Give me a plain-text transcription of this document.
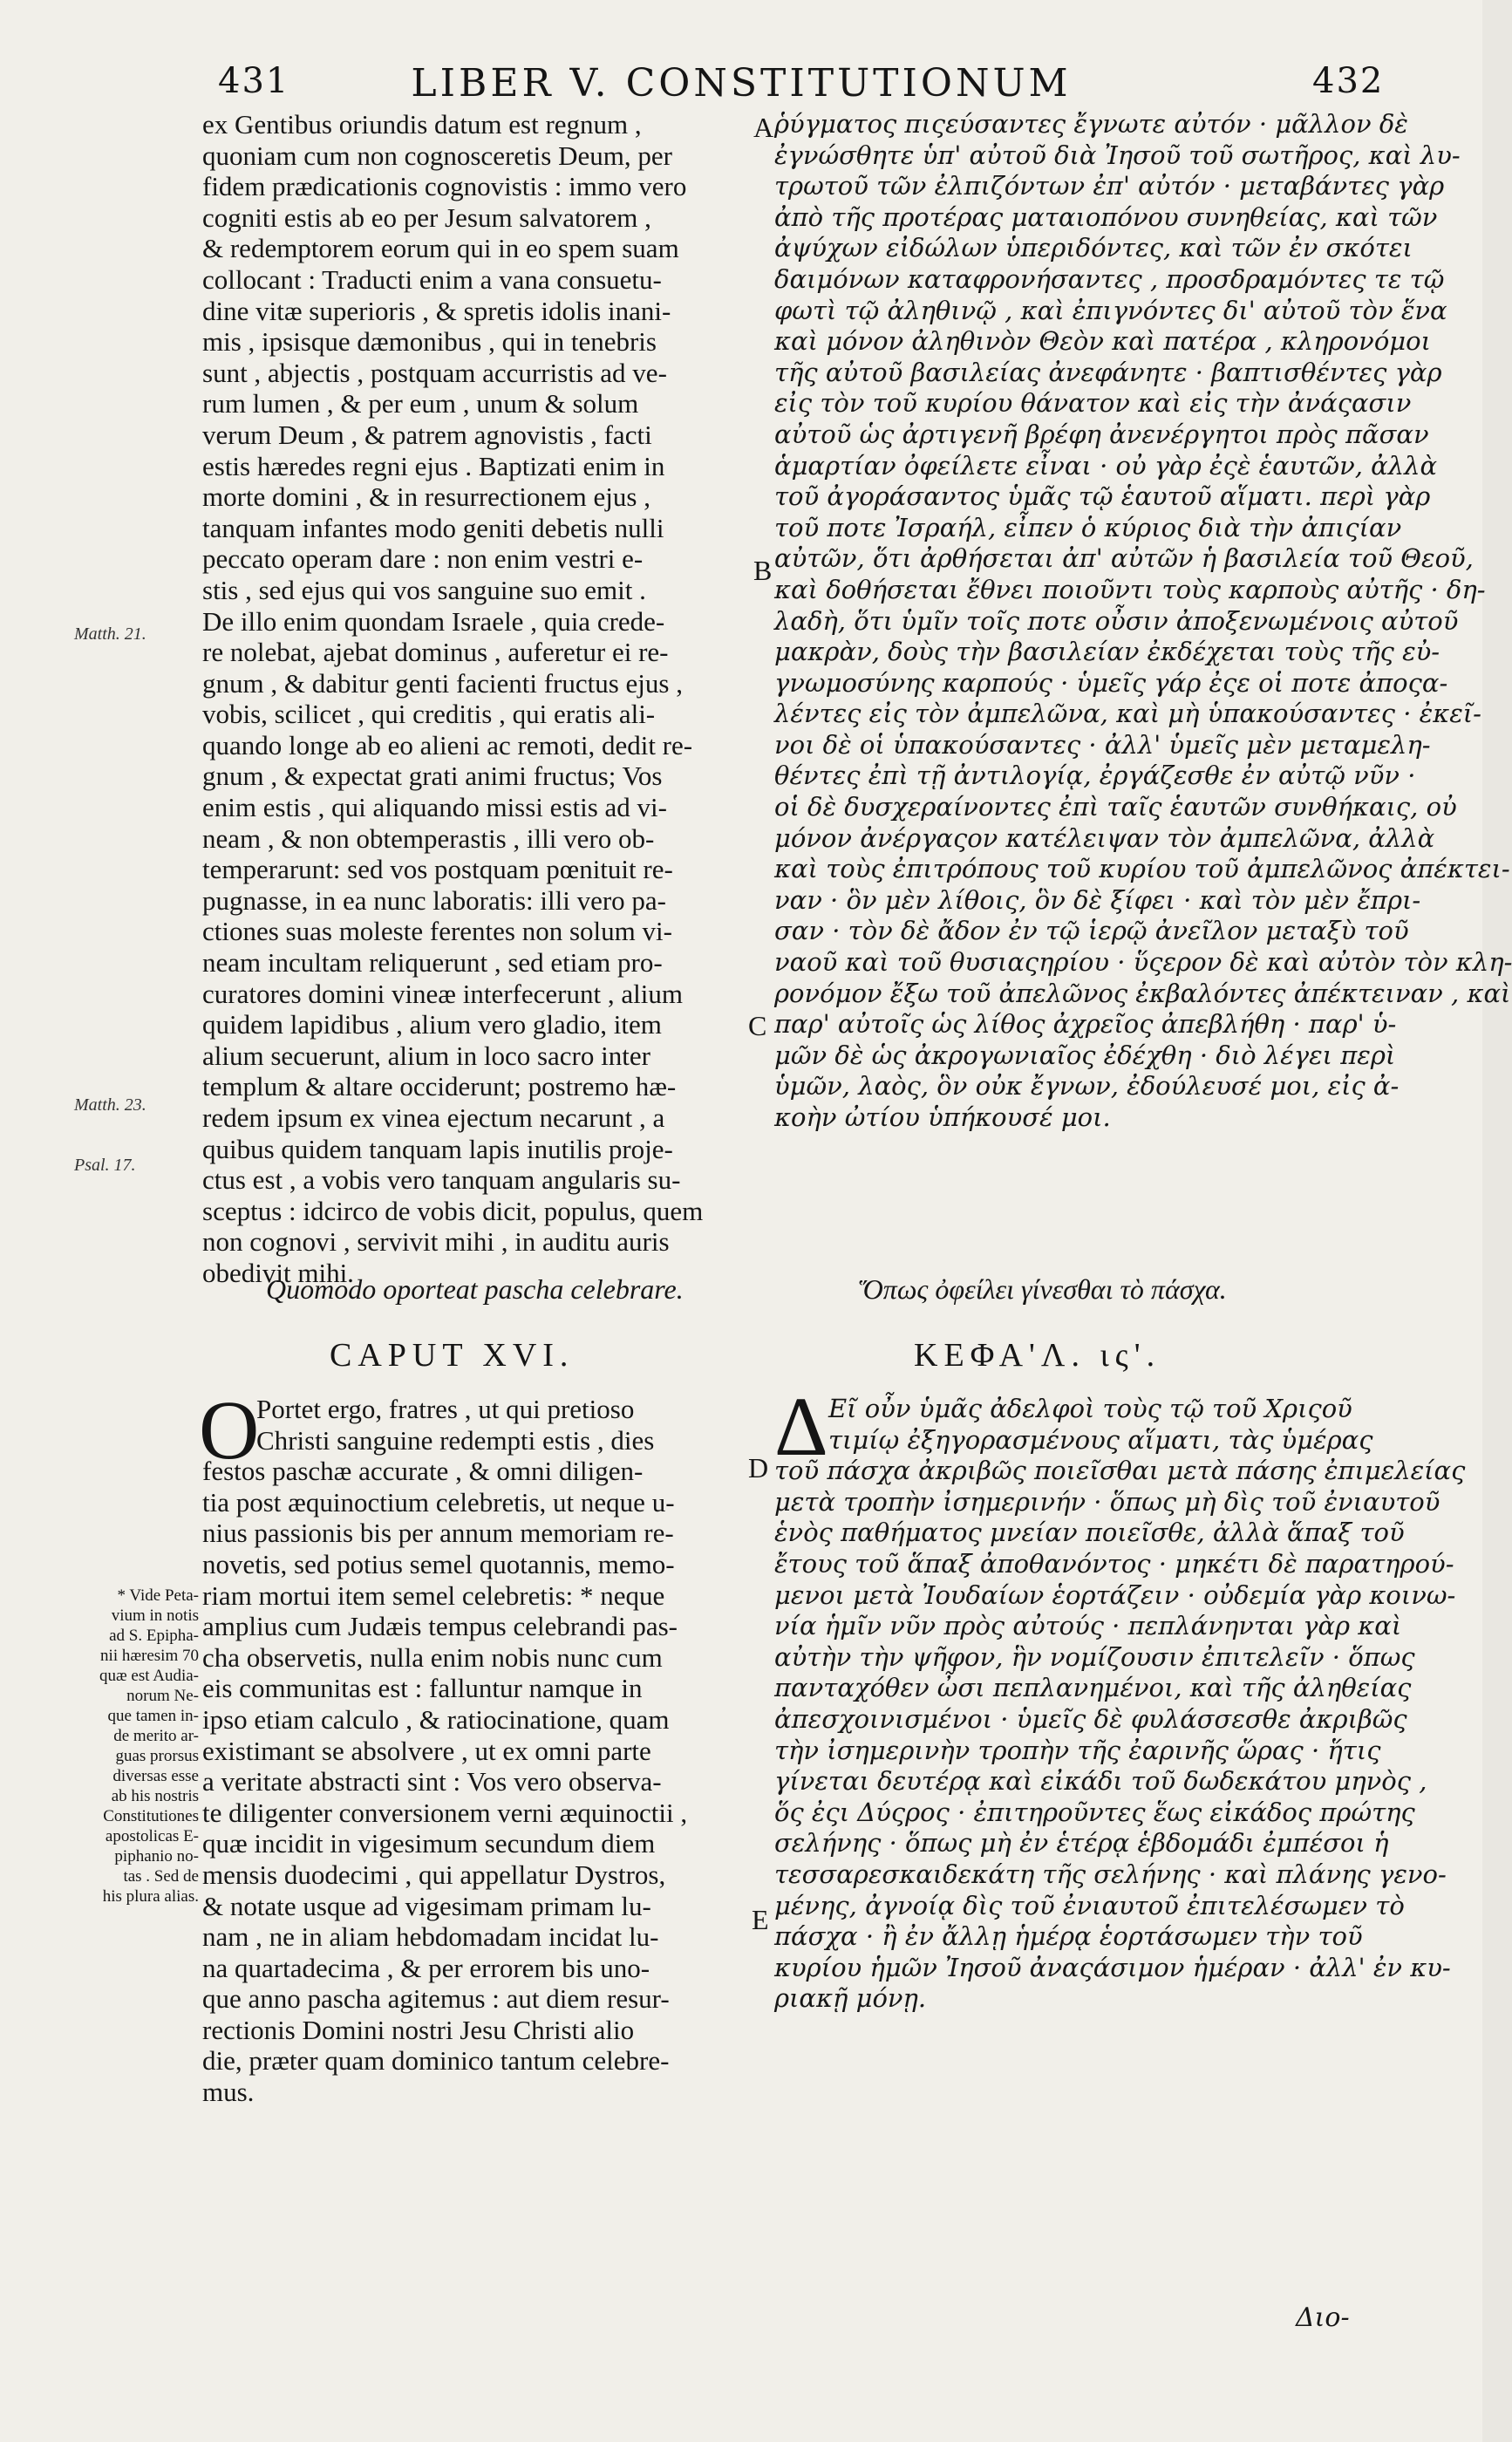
431	LIBER V. CONSTITUTIONUM	432
ex Gentibus oriundis datum est regnum ,
quoniam cum non cognosceretis Deum, per
fidem prædicationis cognovistis : immo vero
cogniti estis ab eo per Jesum salvatorem ,
& redemptorem eorum qui in eo spem suam
collocant : Traducti enim a vana consuetu-
dine vitæ superioris , & spretis idolis inani-
mis , ipsisque dæmonibus , qui in tenebris
sunt , abjectis , postquam accurristis ad ve-
rum lumen , & per eum , unum & solum
verum Deum , & patrem agnovistis , facti
estis hæredes regni ejus . Baptizati enim in
morte domini , & in resurrectionem ejus ,
tanquam infantes modo geniti debetis nulli
peccato operam dare : non enim vestri e-
stis , sed ejus qui vos sanguine suo emit .
De illo enim quondam Israele , quia crede-
re nolebat, ajebat dominus , auferetur ei re-
gnum , & dabitur genti facienti fructus ejus ,
vobis, scilicet , qui creditis , qui eratis ali-
quando longe ab eo alieni ac remoti, dedit re-
gnum , & expectat grati animi fructus; Vos
enim estis , qui aliquando missi estis ad vi-
neam , & non obtemperastis , illi vero ob-
temperarunt: sed vos postquam pœnituit re-
pugnasse, in ea nunc laboratis: illi vero pa-
ctiones suas moleste ferentes non solum vi-
neam incultam reliquerunt , sed etiam pro-
curatores domini vineæ interfecerunt , alium
quidem lapidibus , alium vero gladio, item
alium secuerunt, alium in loco sacro inter
templum & altare occiderunt; postremo hæ-
redem ipsum ex vinea ejectum necarunt , a
quibus quidem tanquam lapis inutilis proje-
ctus est , a vobis vero tanquam angularis su-
sceptus : idcirco de vobis dicit, populus, quem
non cognovi , servivit mihi , in auditu auris
obedivit mihi.
ῥύγματος πιςεύσαντες ἔγνωτε αὐτόν · μᾶλλον δὲ
ἐγνώσθητε ὑπ' αὐτοῦ διὰ Ἰησοῦ τοῦ σωτῆρος, καὶ λυ-
τρωτοῦ τῶν ἐλπιζόντων ἐπ' αὐτόν · μεταβάντες γὰρ
ἀπὸ τῆς προτέρας ματαιοπόνου συνηθείας, καὶ τῶν
ἀψύχων εἰδώλων ὑπεριδόντες, καὶ τῶν ἐν σκότει
δαιμόνων καταφρονήσαντες , προσδραμόντες τε τῷ
φωτὶ τῷ ἀληθινῷ , καὶ ἐπιγνόντες δι' αὐτοῦ τὸν ἕνα
καὶ μόνον ἀληθινὸν Θεὸν καὶ πατέρα , κληρονόμοι
τῆς αὐτοῦ βασιλείας ἀνεφάνητε · βαπτισθέντες γὰρ
εἰς τὸν τοῦ κυρίου θάνατον καὶ εἰς τὴν ἀνάςασιν
αὐτοῦ ὡς ἀρτιγενῆ βρέφη ἀνενέργητοι πρὸς πᾶσαν
ἁμαρτίαν ὀφείλετε εἶναι · οὐ γὰρ ἐςὲ ἑαυτῶν, ἀλλὰ
τοῦ ἀγοράσαντος ὑμᾶς τῷ ἑαυτοῦ αἵματι. περὶ γὰρ
τοῦ ποτε Ἰσραήλ, εἶπεν ὁ κύριος διὰ τὴν ἀπιςίαν
αὐτῶν, ὅτι ἀρθήσεται ἀπ' αὐτῶν ἡ βασιλεία τοῦ Θεοῦ,
καὶ δοθήσεται ἔθνει ποιοῦντι τοὺς καρποὺς αὐτῆς · δη-
λαδὴ, ὅτι ὑμῖν τοῖς ποτε οὖσιν ἀποξενωμένοις αὐτοῦ
μακρὰν, δοὺς τὴν βασιλείαν ἐκδέχεται τοὺς τῆς εὐ-
γνωμοσύνης καρπούς · ὑμεῖς γάρ ἐςε οἱ ποτε ἀποςα-
λέντες εἰς τὸν ἀμπελῶνα, καὶ μὴ ὑπακούσαντες · ἐκεῖ-
νοι δὲ οἱ ὑπακούσαντες · ἀλλ' ὑμεῖς μὲν μεταμελη-
θέντες ἐπὶ τῇ ἀντιλογίᾳ, ἐργάζεσθε ἐν αὐτῷ νῦν ·
οἱ δὲ δυσχεραίνοντες ἐπὶ ταῖς ἑαυτῶν συνθήκαις, οὐ
μόνον ἀνέργαςον κατέλειψαν τὸν ἀμπελῶνα, ἀλλὰ
καὶ τοὺς ἐπιτρόπους τοῦ κυρίου τοῦ ἀμπελῶνος ἀπέκτει-
ναν · ὃν μὲν λίθοις, ὃν δὲ ξίφει · καὶ τὸν μὲν ἔπρι-
σαν · τὸν δὲ ἄδον ἐν τῷ ἱερῷ ἀνεῖλον μεταξὺ τοῦ
ναοῦ καὶ τοῦ θυσιαςηρίου · ὕςερον δὲ καὶ αὐτὸν τὸν κλη-
ρονόμον ἔξω τοῦ ἀπελῶνος ἐκβαλόντες ἀπέκτειναν , καὶ
παρ' αὐτοῖς ὡς λίθος ἀχρεῖος ἀπεβλήθη · παρ' ὑ-
μῶν δὲ ὡς ἀκρογωνιαῖος ἐδέχθη · διὸ λέγει περὶ
ὑμῶν, λαὸς, ὃν οὐκ ἔγνων, ἐδούλευσέ μοι, εἰς ἀ-
κοὴν ὠτίου ὑπήκουσέ μοι.
Matth. 21.
Matth. 23.
Psal. 17.
A
B
C
D
E
Quomodo oporteat pascha celebrare.	Ὅπως ὀφείλει γίνεσθαι τὸ πάσχα.
CAPUT XVI.	ΚΕΦΑ'Λ. ις'.
O	Δ
Portet ergo, fratres , ut qui pretioso
Christi sanguine redempti estis , dies
festos paschæ accurate , & omni diligen-
tia post æquinoctium celebretis, ut neque u-
nius passionis bis per annum memoriam re-
novetis, sed potius semel quotannis, memo-
riam mortui item semel celebretis: * neque
amplius cum Judæis tempus celebrandi pas-
cha observetis, nulla enim nobis nunc cum
eis communitas est : falluntur namque in
ipso etiam calculo , & ratiocinatione, quam
existimant se absolvere , ut ex omni parte
a veritate abstracti sint : Vos vero observa-
te diligenter conversionem verni æquinoctii ,
quæ incidit in vigesimum secundum diem
mensis duodecimi , qui appellatur Dystros,
& notate usque ad vigesimam primam lu-
nam , ne in aliam hebdomadam incidat lu-
na quartadecima , & per errorem bis uno-
que anno pascha agitemus : aut diem resur-
rectionis Domini nostri Jesu Christi alio
die, præter quam dominico tantum celebre-
mus.
Εῖ οὖν ὑμᾶς ἀδελφοὶ τοὺς τῷ τοῦ Χριςοῦ
τιμίῳ ἐξηγορασμένους αἵματι, τὰς ὑμέρας
τοῦ πάσχα ἀκριβῶς ποιεῖσθαι μετὰ πάσης ἐπιμελείας
μετὰ τροπὴν ἰσημερινήν · ὅπως μὴ δὶς τοῦ ἐνιαυτοῦ
ἑνὸς παθήματος μνείαν ποιεῖσθε, ἀλλὰ ἅπαξ τοῦ
ἔτους τοῦ ἅπαξ ἀποθανόντος · μηκέτι δὲ παρατηρού-
μενοι μετὰ Ἰουδαίων ἑορτάζειν · οὐδεμία γὰρ κοινω-
νία ἡμῖν νῦν πρὸς αὐτούς · πεπλάνηνται γὰρ καὶ
αὐτὴν τὴν ψῆφον, ἣν νομίζουσιν ἐπιτελεῖν · ὅπως
πανταχόθεν ὦσι πεπλανημένοι, καὶ τῆς ἀληθείας
ἀπεσχοινισμένοι · ὑμεῖς δὲ φυλάσσεσθε ἀκριβῶς
τὴν ἰσημερινὴν τροπὴν τῆς ἐαρινῆς ὥρας · ἥτις
γίνεται δευτέρᾳ καὶ εἰκάδι τοῦ δωδεκάτου μηνὸς ,
ὅς ἐςι Δύςρος · ἐπιτηροῦντες ἕως εἰκάδος πρώτης
σελήνης · ὅπως μὴ ἐν ἑτέρᾳ ἑβδομάδι ἐμπέσοι ἡ
τεσσαρεσκαιδεκάτη τῆς σελήνης · καὶ πλάνης γενο-
μένης, ἀγνοίᾳ δὶς τοῦ ἐνιαυτοῦ ἐπιτελέσωμεν τὸ
πάσχα · ἢ ἐν ἄλλῃ ἡμέρᾳ ἑορτάσωμεν τὴν τοῦ
κυρίου ἡμῶν Ἰησοῦ ἀναςάσιμον ἡμέραν · ἀλλ' ἐν κυ-
ριακῇ μόνῃ.
* Vide Peta-
vium in notis
ad S. Epipha-
nii hæresim 70
quæ est Audia-
norum Ne-
que tamen in-
de merito ar-
guas prorsus
diversas esse
ab his nostris
Constitutiones
apostolicas E-
piphanio no-
tas . Sed de
his plura alias.
Διο-
